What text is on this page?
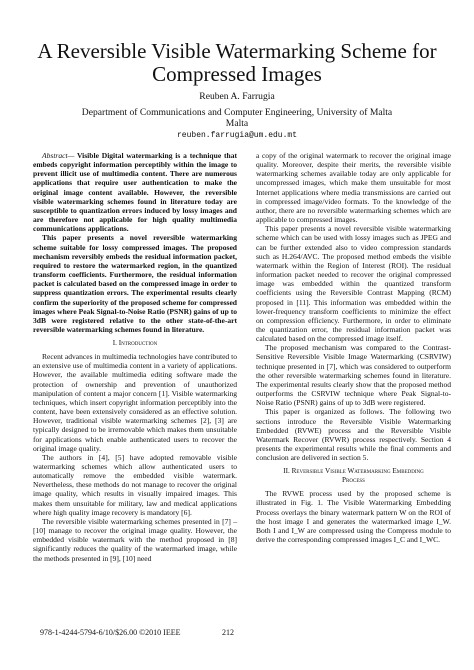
A Reversible Visible Watermarking Scheme for
Compressed Images
Reuben A. Farrugia
Department of Communications and Computer Engineering, University of Malta
Malta
reuben.farrugia@um.edu.mt

Abstract— Visible Digital watermarking is a technique that embeds copyright information perceptibly within the image to prevent illicit use of multimedia content. There are numerous applications that require user authentication to make the original image content available. However, the reversible visible watermarking schemes found in literature today are susceptible to quantization errors induced by lossy images and are therefore not applicable for high quality multimedia communications applications.

This paper presents a novel reversible watermarking scheme suitable for lossy compressed images. The proposed mechanism reversibly embeds the residual information packet, required to restore the watermarked region, in the quantized transform coefficients. Furthermore, the residual information packet is calculated based on the compressed image in order to suppress quantization errors. The experimental results clearly confirm the superiority of the proposed scheme for compressed images where Peak Signal-to-Noise Ratio (PSNR) gains of up to 3dB were registered relative to the other state-of-the-art reversible watermarking schemes found in literature.

I. Introduction

Recent advances in multimedia technologies have contributed to an extensive use of multimedia content in a variety of applications. However, the available multimedia editing software made the protection of ownership and prevention of unauthorized manipulation of content a major concern [1]. Visible watermarking techniques, which insert copyright information perceptibly into the content, have been extensively considered as an effective solution. However, traditional visible watermarking schemes [2], [3] are typically designed to be irremovable which makes them unsuitable for applications which enable authenticated users to recover the original image quality.

The authors in [4], [5] have adopted removable visible watermarking schemes which allow authenticated users to automatically remove the embedded visible watermark. Nevertheless, these methods do not manage to recover the original image quality, which results in visually impaired images. This makes them unsuitable for military, law and medical applications where high quality image recovery is mandatory [6].

The reversible visible watermarking schemes presented in [7] – [10] manage to recover the original image quality. However, the embedded visible watermark with the method proposed in [8] significantly reduces the quality of the watermarked image, while the methods presented in [9], [10] need

a copy of the original watermark to recover the original image quality. Moreover, despite their merits, the reversible visible watermarking schemes available today are only applicable for uncompressed images, which make them unsuitable for most Internet applications where media transmissions are carried out in compressed image/video formats. To the knowledge of the author, there are no reversible watermarking schemes which are applicable to compressed images.

This paper presents a novel reversible visible watermarking scheme which can be used with lossy images such as JPEG and can be further extended also to video compression standards such as H.264/AVC. The proposed method embeds the visible watermark within the Region of Interest (ROI). The residual information packet needed to recover the original compressed image was embedded within the quantized transform coefficients using the Reversible Contrast Mapping (RCM) proposed in [11]. This information was embedded within the lower-frequency transform coefficients to minimize the effect on compression efficiency. Furthermore, in order to eliminate the quantization error, the residual information packet was calculated based on the compressed image itself.

The proposed mechanism was compared to the Contrast-Sensitive Reversible Visible Image Watermarking (CSRVIW) technique presented in [7], which was considered to outperform the other reversible watermarking schemes found in literature. The experimental results clearly show that the proposed method outperforms the CSRVIW technique where Peak Signal-to-Noise Ratio (PSNR) gains of up to 3dB were registered.

This paper is organized as follows. The following two sections introduce the Reversible Visible Watermarking Embedded (RVWE) process and the Reversible Visible Watermark Recover (RVWR) process respectively. Section 4 presents the experimental results while the final comments and conclusion are delivered in section 5.

II. Reversible Visible Watermarking Embedding
Process

The RVWE process used by the proposed scheme is illustrated in Fig. 1. The Visible Watermarking Embedding Process overlays the binary watermark pattern W on the ROI of the host image I and generates the watermarked image I_W. Both I and I_W are compressed using the Compress module to derive the corresponding compressed images I_C and I_WC.

978-1-4244-5794-6/10/$26.00 ©2010 IEEE	212
